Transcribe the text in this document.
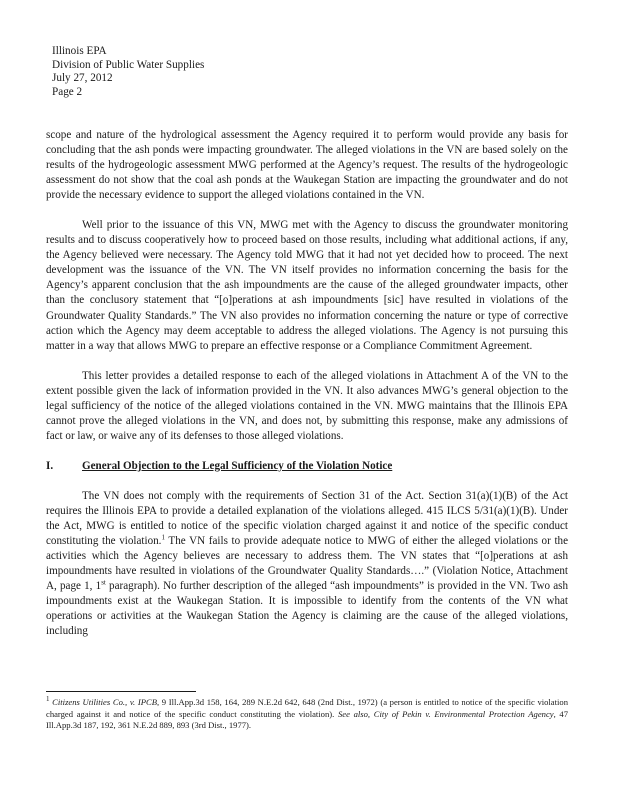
Illinois EPA
Division of Public Water Supplies
July 27, 2012
Page 2

scope and nature of the hydrological assessment the Agency required it to perform would provide any basis for concluding that the ash ponds were impacting groundwater. The alleged violations in the VN are based solely on the results of the hydrogeologic assessment MWG performed at the Agency’s request. The results of the hydrogeologic assessment do not show that the coal ash ponds at the Waukegan Station are impacting the groundwater and do not provide the necessary evidence to support the alleged violations contained in the VN.

Well prior to the issuance of this VN, MWG met with the Agency to discuss the groundwater monitoring results and to discuss cooperatively how to proceed based on those results, including what additional actions, if any, the Agency believed were necessary. The Agency told MWG that it had not yet decided how to proceed. The next development was the issuance of the VN. The VN itself provides no information concerning the basis for the Agency’s apparent conclusion that the ash impoundments are the cause of the alleged groundwater impacts, other than the conclusory statement that “[o]perations at ash impoundments [sic] have resulted in violations of the Groundwater Quality Standards.” The VN also provides no information concerning the nature or type of corrective action which the Agency may deem acceptable to address the alleged violations. The Agency is not pursuing this matter in a way that allows MWG to prepare an effective response or a Compliance Commitment Agreement.

This letter provides a detailed response to each of the alleged violations in Attachment A of the VN to the extent possible given the lack of information provided in the VN. It also advances MWG’s general objection to the legal sufficiency of the notice of the alleged violations contained in the VN. MWG maintains that the Illinois EPA cannot prove the alleged violations in the VN, and does not, by submitting this response, make any admissions of fact or law, or waive any of its defenses to those alleged violations.

I.	General Objection to the Legal Sufficiency of the Violation Notice

The VN does not comply with the requirements of Section 31 of the Act. Section 31(a)(1)(B) of the Act requires the Illinois EPA to provide a detailed explanation of the violations alleged. 415 ILCS 5/31(a)(1)(B). Under the Act, MWG is entitled to notice of the specific violation charged against it and notice of the specific conduct constituting the violation.$^1$ The VN fails to provide adequate notice to MWG of either the alleged violations or the activities which the Agency believes are necessary to address them. The VN states that “[o]perations at ash impoundments have resulted in violations of the Groundwater Quality Standards….” (Violation Notice, Attachment A, page 1, 1st paragraph). No further description of the alleged “ash impoundments” is provided in the VN. Two ash impoundments exist at the Waukegan Station. It is impossible to identify from the contents of the VN what operations or activities at the Waukegan Station the Agency is claiming are the cause of the alleged violations, including

$^1$ Citizens Utilities Co., v. IPCB, 9 Ill.App.3d 158, 164, 289 N.E.2d 642, 648 (2nd Dist., 1972) (a person is entitled to notice of the specific violation charged against it and notice of the specific conduct constituting the violation). See also, City of Pekin v. Environmental Protection Agency, 47 Ill.App.3d 187, 192, 361 N.E.2d 889, 893 (3rd Dist., 1977).
